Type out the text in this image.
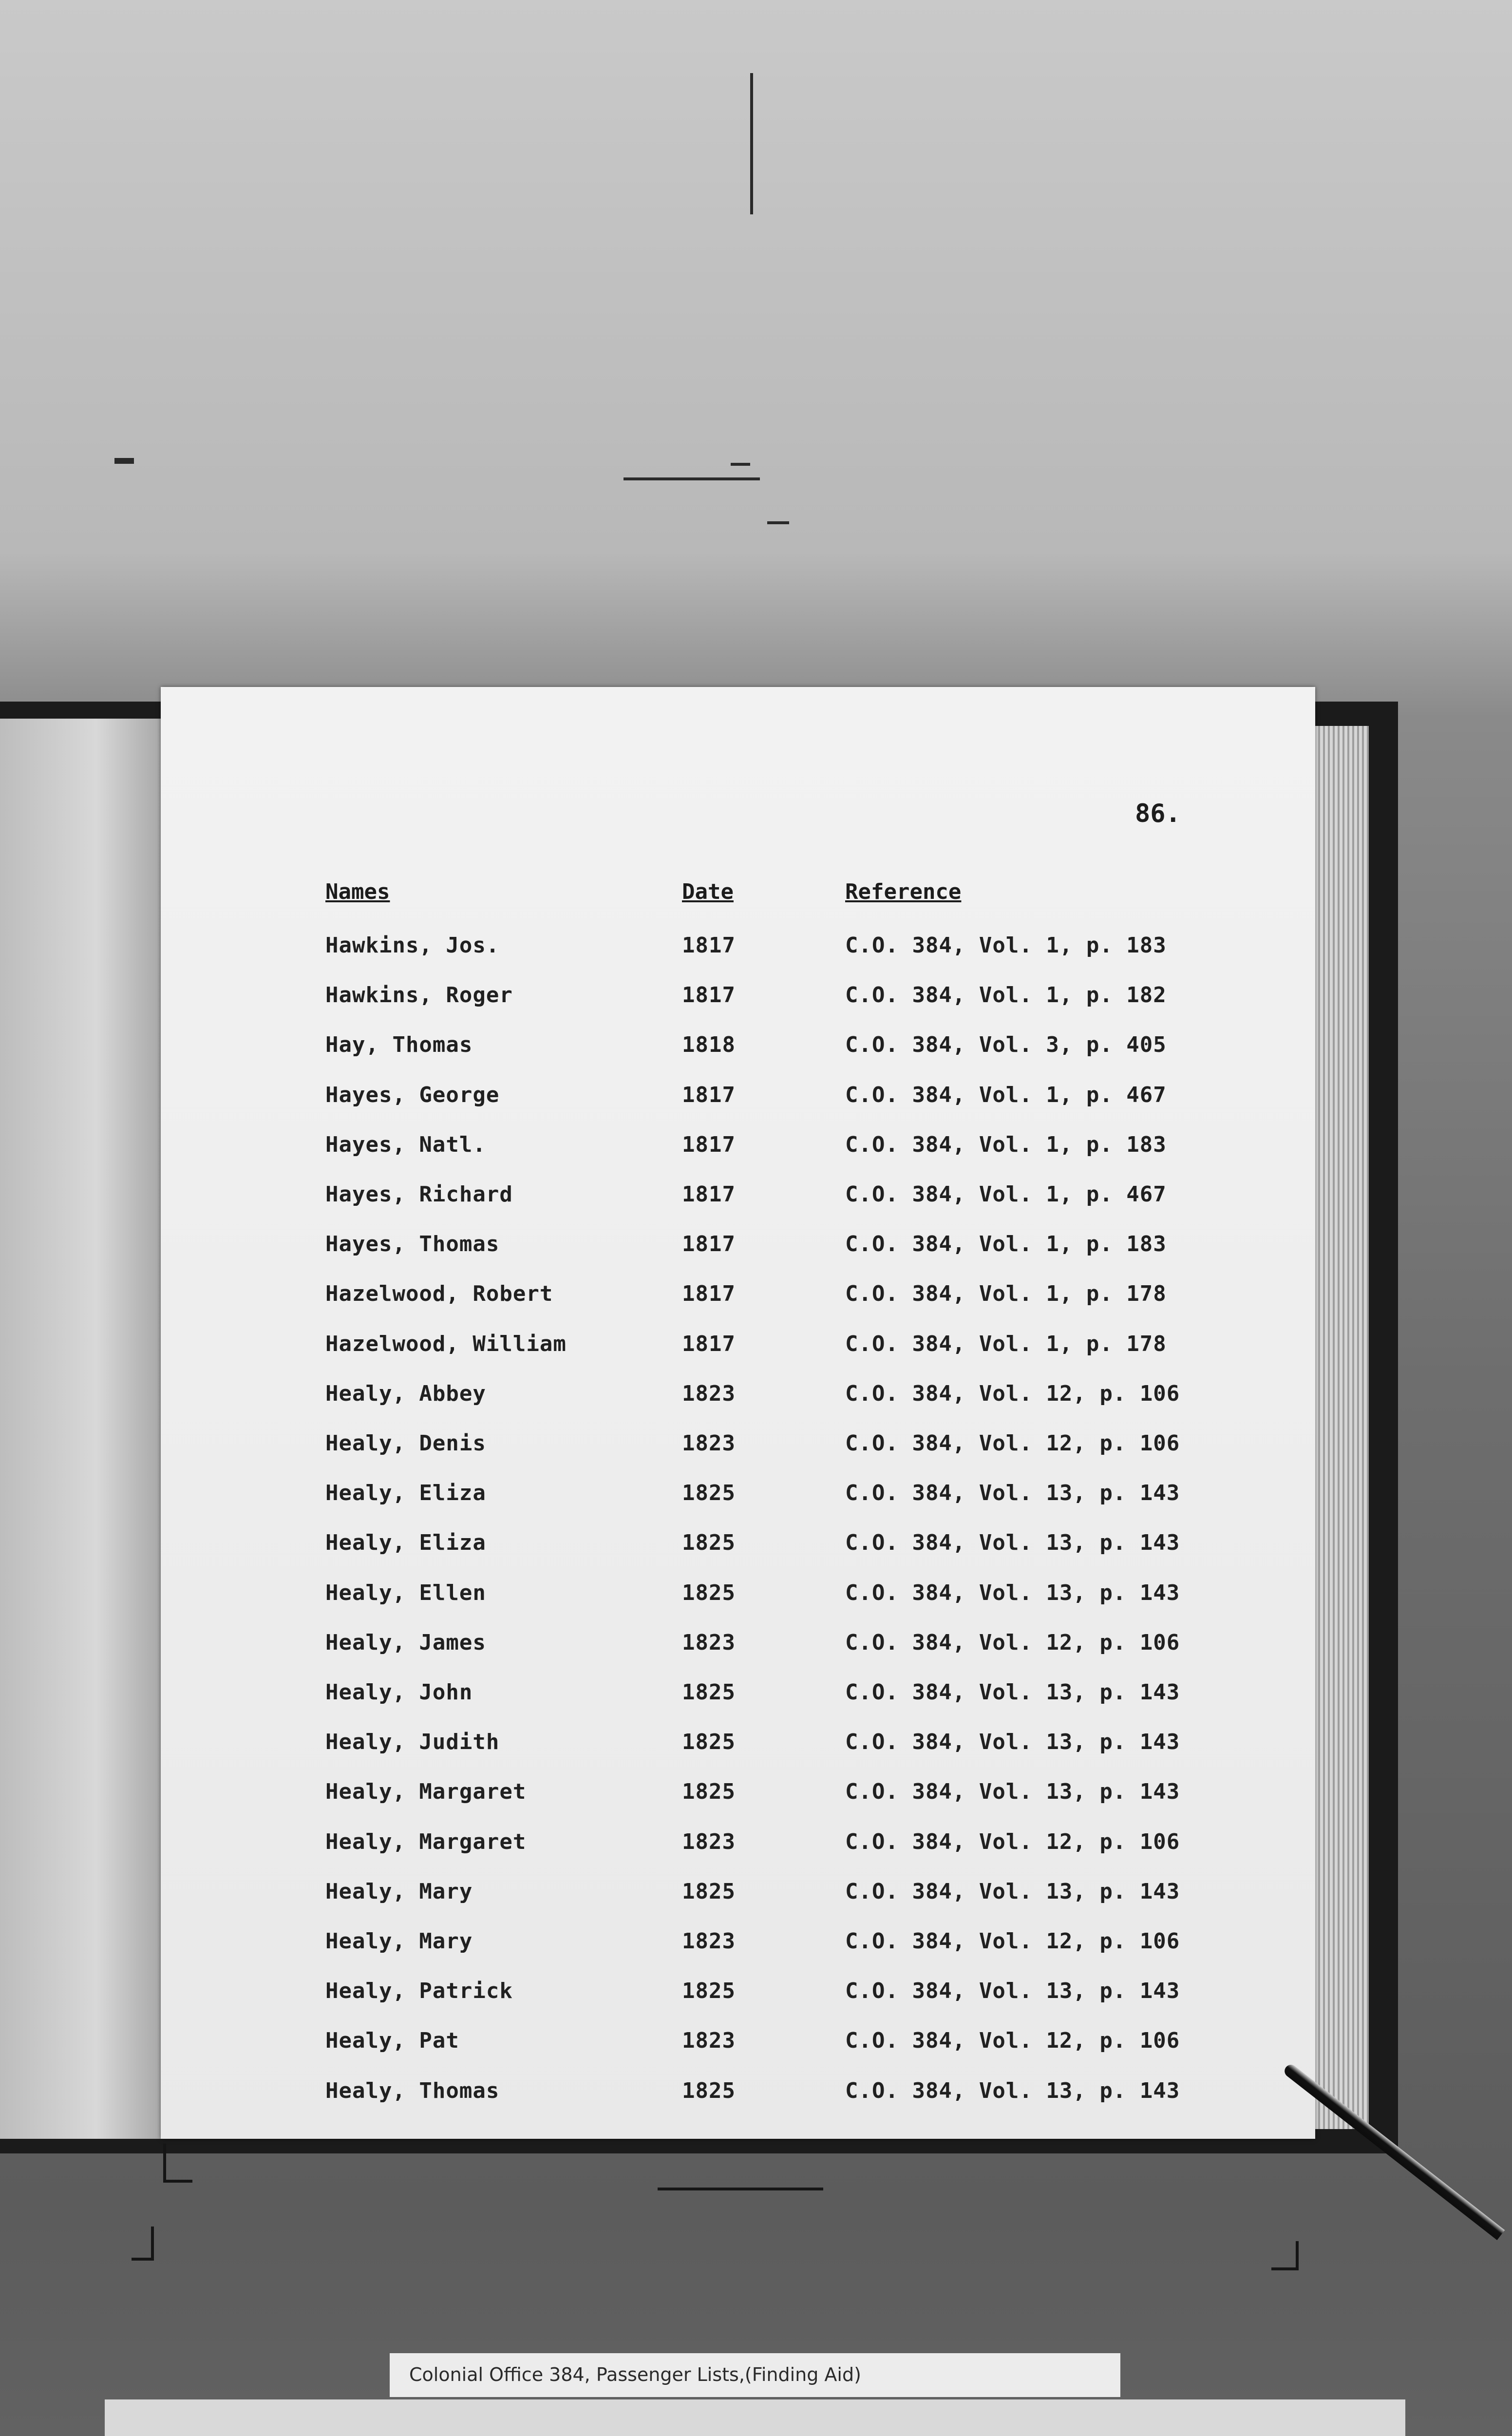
86.
Names	Date	Reference
Hawkins, Jos.	1817	C.O. 384, Vol. 1, p. 183
Hawkins, Roger	1817	C.O. 384, Vol. 1, p. 182
Hay, Thomas	1818	C.O. 384, Vol. 3, p. 405
Hayes, George	1817	C.O. 384, Vol. 1, p. 467
Hayes, Natl.	1817	C.O. 384, Vol. 1, p. 183
Hayes, Richard	1817	C.O. 384, Vol. 1, p. 467
Hayes, Thomas	1817	C.O. 384, Vol. 1, p. 183
Hazelwood, Robert	1817	C.O. 384, Vol. 1, p. 178
Hazelwood, William	1817	C.O. 384, Vol. 1, p. 178
Healy, Abbey	1823	C.O. 384, Vol. 12, p. 106
Healy, Denis	1823	C.O. 384, Vol. 12, p. 106
Healy, Eliza	1825	C.O. 384, Vol. 13, p. 143
Healy, Eliza	1825	C.O. 384, Vol. 13, p. 143
Healy, Ellen	1825	C.O. 384, Vol. 13, p. 143
Healy, James	1823	C.O. 384, Vol. 12, p. 106
Healy, John	1825	C.O. 384, Vol. 13, p. 143
Healy, Judith	1825	C.O. 384, Vol. 13, p. 143
Healy, Margaret	1825	C.O. 384, Vol. 13, p. 143
Healy, Margaret	1823	C.O. 384, Vol. 12, p. 106
Healy, Mary	1825	C.O. 384, Vol. 13, p. 143
Healy, Mary	1823	C.O. 384, Vol. 12, p. 106
Healy, Patrick	1825	C.O. 384, Vol. 13, p. 143
Healy, Pat	1823	C.O. 384, Vol. 12, p. 106
Healy, Thomas	1825	C.O. 384, Vol. 13, p. 143
Colonial Office 384, Passenger Lists,(Finding Aid)
